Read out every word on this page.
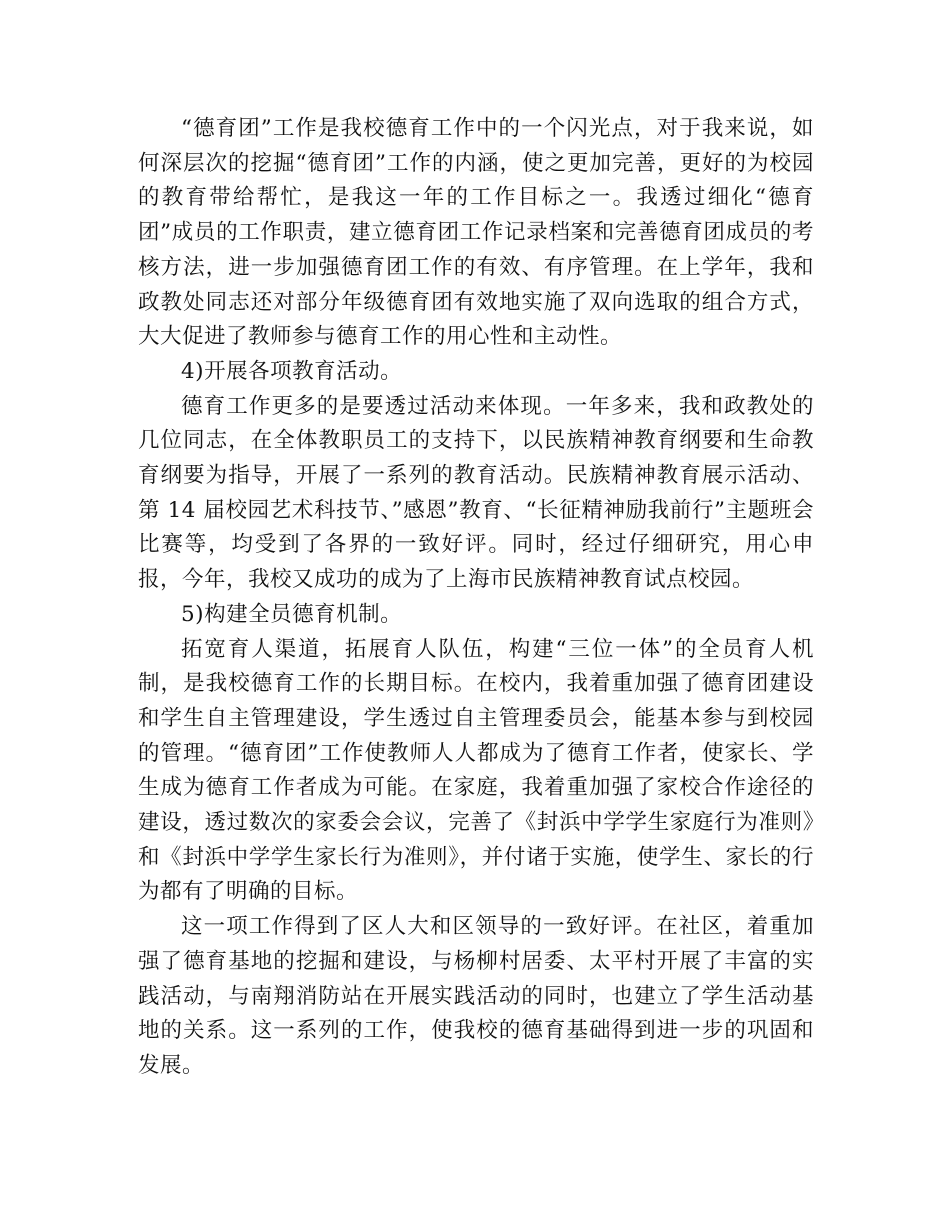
“德育团”工作是我校德育工作中的一个闪光点，对于我来说，如何深层次的挖掘“德育团”工作的内涵，使之更加完善，更好的为校园的教育带给帮忙，是我这一年的工作目标之一。我透过细化“德育团”成员的工作职责，建立德育团工作记录档案和完善德育团成员的考核方法，进一步加强德育团工作的有效、有序管理。在上学年，我和政教处同志还对部分年级德育团有效地实施了双向选取的组合方式，大大促进了教师参与德育工作的用心性和主动性。

4)开展各项教育活动。

德育工作更多的是要透过活动来体现。一年多来，我和政教处的几位同志，在全体教职员工的支持下，以民族精神教育纲要和生命教育纲要为指导，开展了一系列的教育活动。民族精神教育展示活动、第 14 届校园艺术科技节、”感恩”教育、“长征精神励我前行”主题班会比赛等，均受到了各界的一致好评。同时，经过仔细研究，用心申报，今年，我校又成功的成为了上海市民族精神教育试点校园。

5)构建全员德育机制。

拓宽育人渠道，拓展育人队伍，构建“三位一体”的全员育人机制，是我校德育工作的长期目标。在校内，我着重加强了德育团建设和学生自主管理建设，学生透过自主管理委员会，能基本参与到校园的管理。“德育团”工作使教师人人都成为了德育工作者，使家长、学生成为德育工作者成为可能。在家庭，我着重加强了家校合作途径的建设，透过数次的家委会会议，完善了《封浜中学学生家庭行为准则》和《封浜中学学生家长行为准则》，并付诸于实施，使学生、家长的行为都有了明确的目标。

这一项工作得到了区人大和区领导的一致好评。在社区，着重加强了德育基地的挖掘和建设，与杨柳村居委、太平村开展了丰富的实践活动，与南翔消防站在开展实践活动的同时，也建立了学生活动基地的关系。这一系列的工作，使我校的德育基础得到进一步的巩固和发展。
